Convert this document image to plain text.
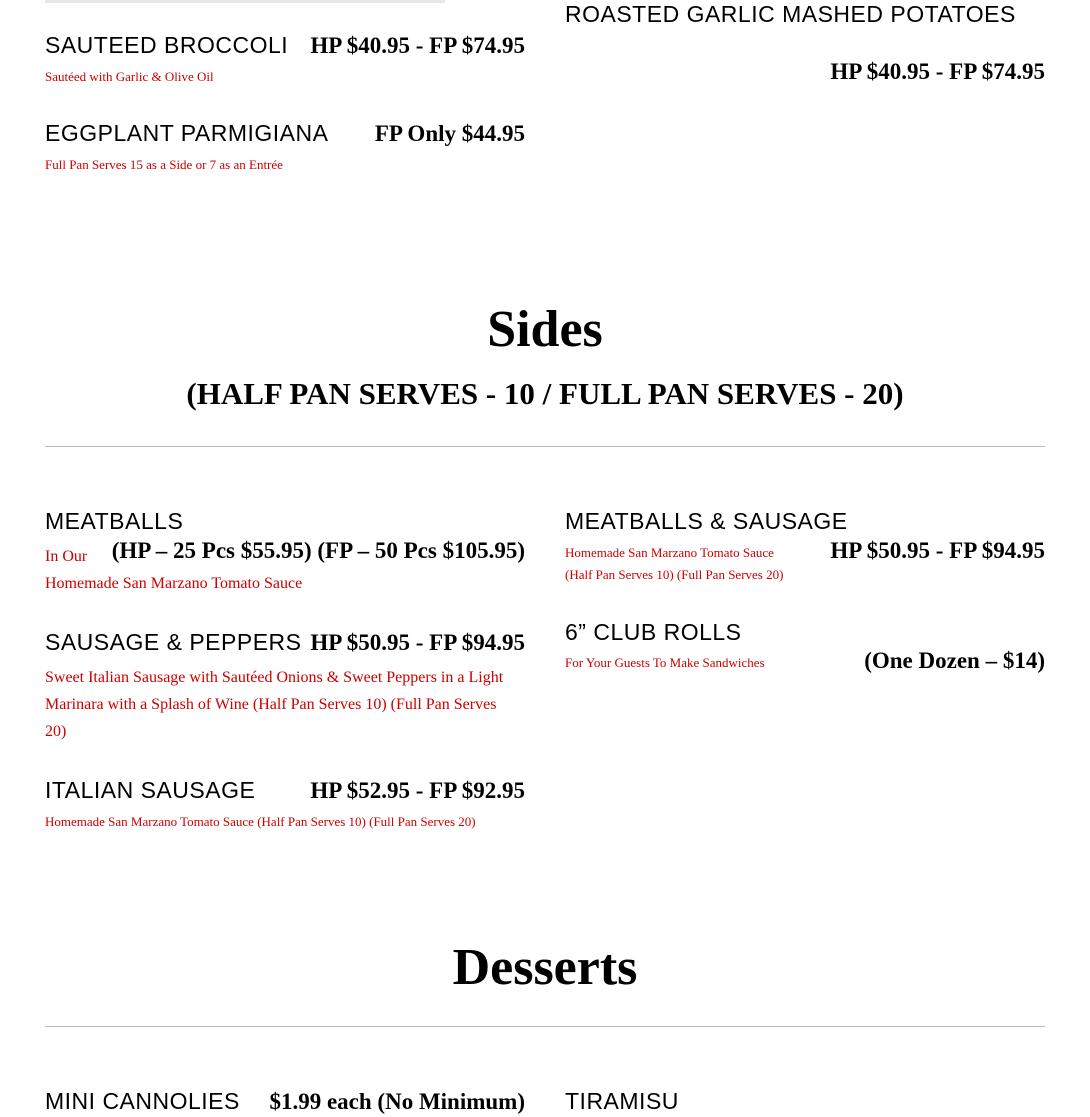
SAUTEED BROCCOLI HP $40.95 - FP $74.95
Sautéed with Garlic & Olive Oil
EGGPLANT PARMIGIANA	FP Only $44.95
Full Pan Serves 15 as a Side or 7 as an Entrée
ROASTED GARLIC MASHED POTATOES
HP $40.95 - FP $74.95
Sides
(HALF PAN SERVES - 10 / FULL PAN SERVES - 20)
MEATBALLS
In Our	(HP – 25 Pcs $55.95) (FP – 50 Pcs $105.95)
Homemade San Marzano Tomato Sauce
SAUSAGE & PEPPERS HP $50.95 - FP $94.95
Sweet Italian Sausage with Sautéed Onions & Sweet Peppers in a Light Marinara with a Splash of Wine (Half Pan Serves 10) (Full Pan Serves 20)
ITALIAN SAUSAGE	HP $52.95 - FP $92.95
Homemade San Marzano Tomato Sauce (Half Pan Serves 10) (Full Pan Serves 20)
MEATBALLS & SAUSAGE
HP $50.95 - FP $94.95
Homemade San Marzano Tomato Sauce
(Half Pan Serves 10) (Full Pan Serves 20)
6” CLUB ROLLS
For Your Guests To Make Sandwiches	(One Dozen – $14)
Desserts
MINI CANNOLIES	$1.99 each (No Minimum) TIRAMISU
